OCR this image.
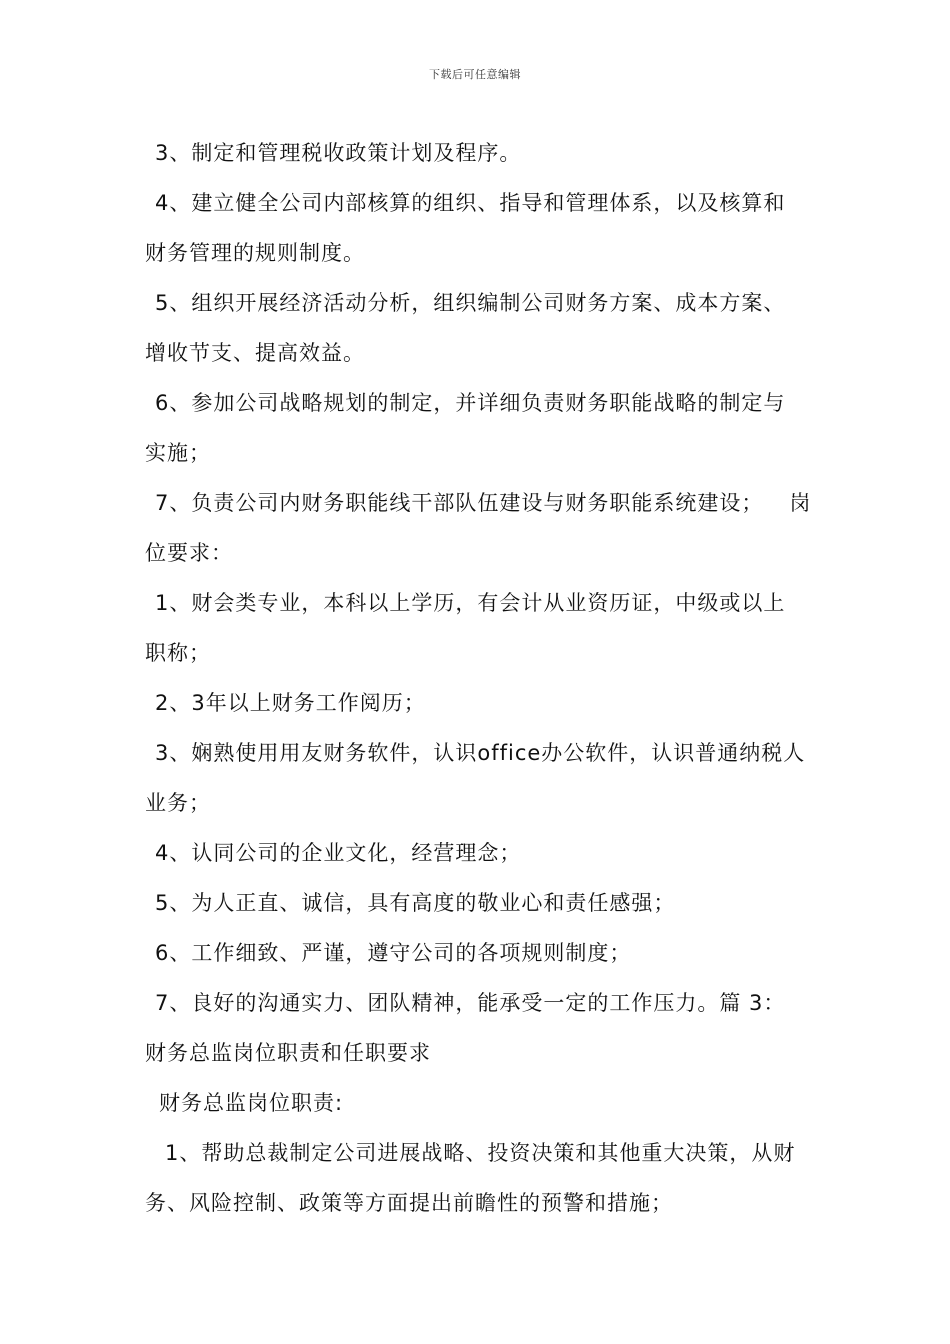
下载后可任意编辑
3、制定和管理税收政策计划及程序。
4、建立健全公司内部核算的组织、指导和管理体系，以及核算和
财务管理的规则制度。
5、组织开展经济活动分析，组织编制公司财务方案、成本方案、
增收节支、提高效益。
6、参加公司战略规划的制定，并详细负责财务职能战略的制定与
实施；
7、负责公司内财务职能线干部队伍建设与财务职能系统建设； 岗
位要求：
1、财会类专业，本科以上学历，有会计从业资历证，中级或以上
职称；
2、3年以上财务工作阅历；
3、娴熟使用用友财务软件，认识office办公软件，认识普通纳税人
业务；
4、认同公司的企业文化，经营理念；
5、为人正直、诚信，具有高度的敬业心和责任感强；
6、工作细致、严谨，遵守公司的各项规则制度；
7、良好的沟通实力、团队精神，能承受一定的工作压力。篇 3：
财务总监岗位职责和任职要求
财务总监岗位职责:
1、帮助总裁制定公司进展战略、投资决策和其他重大决策，从财
务、风险控制、政策等方面提出前瞻性的预警和措施；
